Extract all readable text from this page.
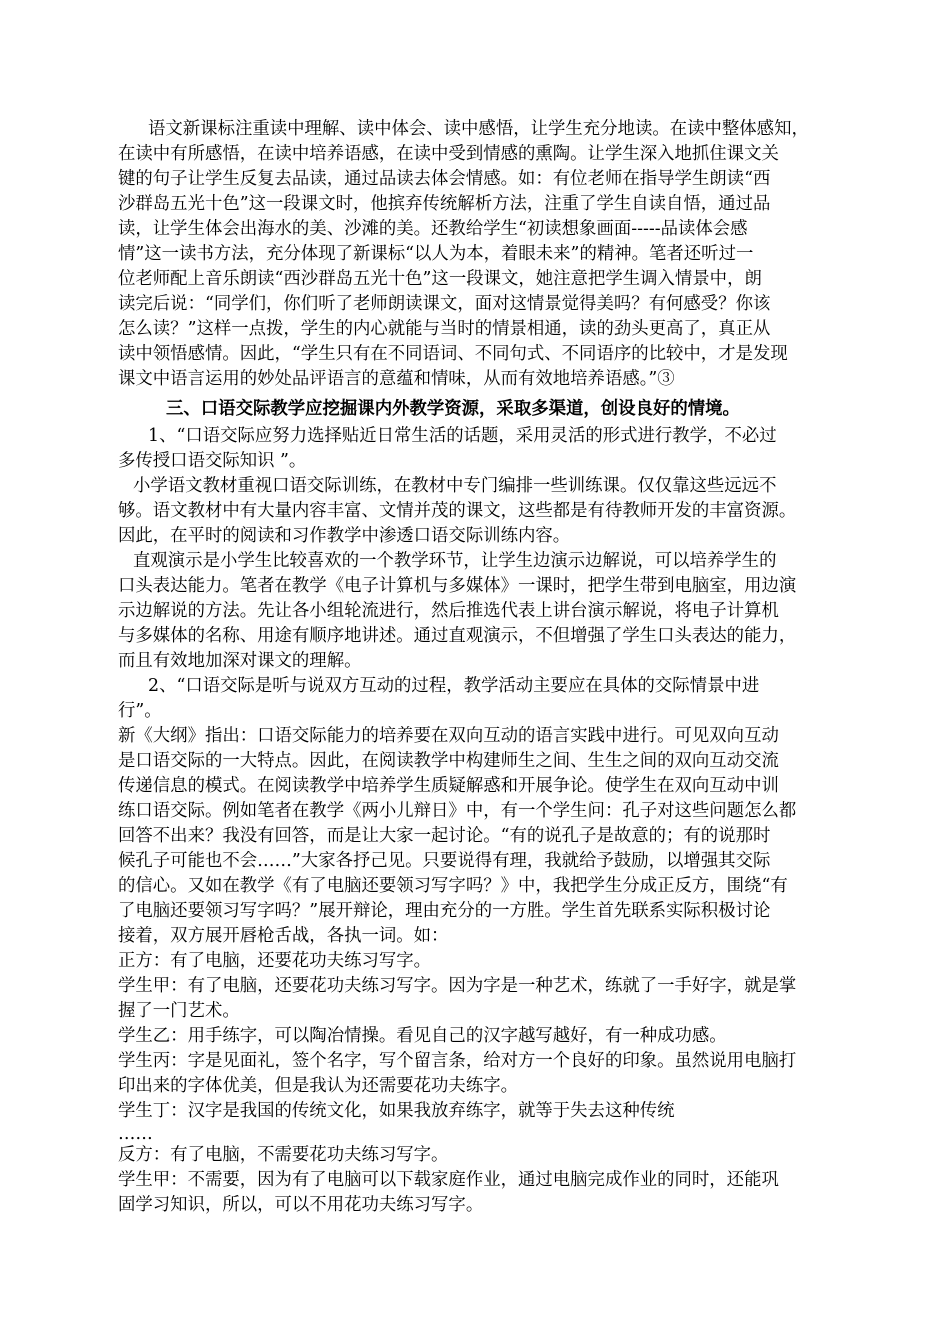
语文新课标注重读中理解、读中体会、读中感悟，让学生充分地读。在读中整体感知，
在读中有所感悟，在读中培养语感，在读中受到情感的熏陶。让学生深入地抓住课文关
键的句子让学生反复去品读，通过品读去体会情感。如：有位老师在指导学生朗读“西
沙群岛五光十色”这一段课文时，他摈弃传统解析方法，注重了学生自读自悟，通过品
读，让学生体会出海水的美、沙滩的美。还教给学生“初读想象画面-----品读体会感
情”这一读书方法，充分体现了新课标“以人为本，着眼未来”的精神。笔者还听过一
位老师配上音乐朗读“西沙群岛五光十色”这一段课文，她注意把学生调入情景中，朗
读完后说：“同学们，你们听了老师朗读课文，面对这情景觉得美吗？有何感受？你该
怎么读？”这样一点拨，学生的内心就能与当时的情景相通，读的劲头更高了，真正从
读中领悟感情。因此，“学生只有在不同语词、不同句式、不同语序的比较中，才是发现
课文中语言运用的妙处品评语言的意蕴和情味，从而有效地培养语感。”③
三、口语交际教学应挖掘课内外教学资源，采取多渠道，创设良好的情境。
1、“口语交际应努力选择贴近日常生活的话题，采用灵活的形式进行教学，不必过
多传授口语交际知识 ”。
小学语文教材重视口语交际训练，在教材中专门编排一些训练课。仅仅靠这些远远不
够。语文教材中有大量内容丰富、文情并茂的课文，这些都是有待教师开发的丰富资源。
因此，在平时的阅读和习作教学中渗透口语交际训练内容。
直观演示是小学生比较喜欢的一个教学环节，让学生边演示边解说，可以培养学生的
口头表达能力。笔者在教学《电子计算机与多媒体》一课时，把学生带到电脑室，用边演
示边解说的方法。先让各小组轮流进行，然后推选代表上讲台演示解说，将电子计算机
与多媒体的名称、用途有顺序地讲述。通过直观演示，不但增强了学生口头表达的能力，
而且有效地加深对课文的理解。
2、“口语交际是听与说双方互动的过程，教学活动主要应在具体的交际情景中进
行”。
新《大纲》指出：口语交际能力的培养要在双向互动的语言实践中进行。可见双向互动
是口语交际的一大特点。因此，在阅读教学中构建师生之间、生生之间的双向互动交流
传递信息的模式。在阅读教学中培养学生质疑解惑和开展争论。使学生在双向互动中训
练口语交际。例如笔者在教学《两小儿辩日》中，有一个学生问：孔子对这些问题怎么都
回答不出来？我没有回答，而是让大家一起讨论。“有的说孔子是故意的；有的说那时
候孔子可能也不会……”大家各抒己见。只要说得有理，我就给予鼓励，以增强其交际
的信心。又如在教学《有了电脑还要领习写字吗？》中，我把学生分成正反方，围绕“有
了电脑还要领习写字吗？”展开辩论，理由充分的一方胜。学生首先联系实际积极讨论
接着，双方展开唇枪舌战，各执一词。如：
正方：有了电脑，还要花功夫练习写字。
学生甲：有了电脑，还要花功夫练习写字。因为字是一种艺术，练就了一手好字，就是掌
握了一门艺术。
学生乙：用手练字，可以陶冶情操。看见自己的汉字越写越好，有一种成功感。
学生丙：字是见面礼，签个名字，写个留言条，给对方一个良好的印象。虽然说用电脑打
印出来的字体优美，但是我认为还需要花功夫练字。
学生丁：汉字是我国的传统文化，如果我放弃练字，就等于失去这种传统
……
反方：有了电脑，不需要花功夫练习写字。
学生甲：不需要，因为有了电脑可以下载家庭作业，通过电脑完成作业的同时，还能巩
固学习知识，所以，可以不用花功夫练习写字。
